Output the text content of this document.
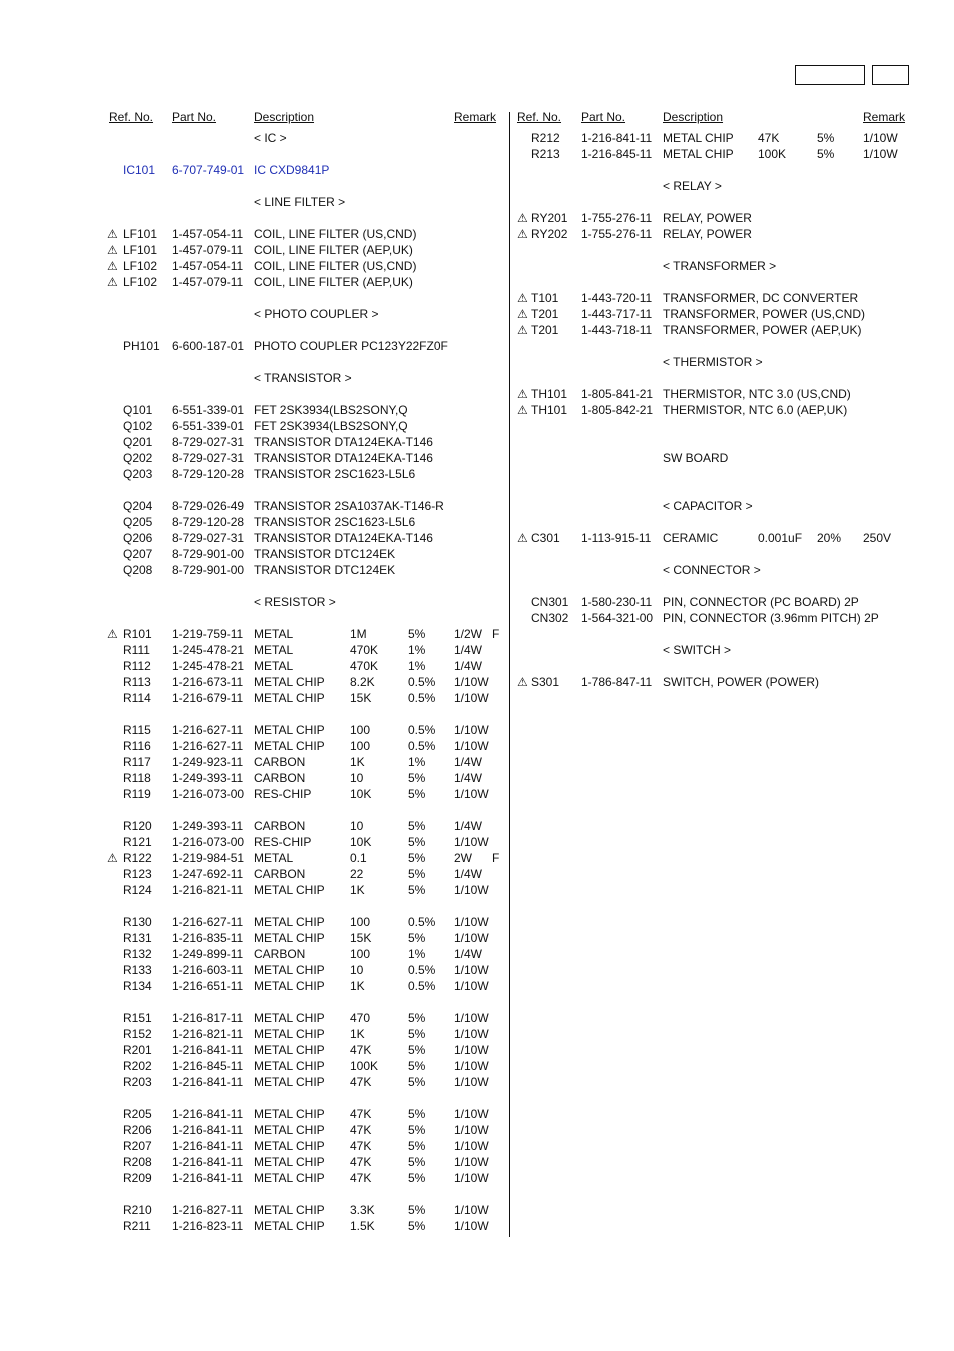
Ref. No. Part No.	Description	Remark
< IC >
IC101 6-707-749-01 IC CXD9841P
< LINE FILTER >
⚠ LF101 1-457-054-11 COIL, LINE FILTER (US,CND)
⚠ LF101 1-457-079-11 COIL, LINE FILTER (AEP,UK)
⚠ LF102 1-457-054-11 COIL, LINE FILTER (US,CND)
⚠ LF102 1-457-079-11 COIL, LINE FILTER (AEP,UK)
< PHOTO COUPLER >
PH101 6-600-187-01 PHOTO COUPLER PC123Y22FZ0F
< TRANSISTOR >
Q101 6-551-339-01 FET 2SK3934(LBS2SONY,Q
Q102 6-551-339-01 FET 2SK3934(LBS2SONY,Q
Q201 8-729-027-31 TRANSISTOR DTA124EKA-T146
Q202 8-729-027-31 TRANSISTOR DTA124EKA-T146
Q203 8-729-120-28 TRANSISTOR 2SC1623-L5L6
Q204 8-729-026-49 TRANSISTOR 2SA1037AK-T146-R
Q205 8-729-120-28 TRANSISTOR 2SC1623-L5L6
Q206 8-729-027-31 TRANSISTOR DTA124EKA-T146
Q207 8-729-901-00 TRANSISTOR DTC124EK
Q208 8-729-901-00 TRANSISTOR DTC124EK
< RESISTOR >
⚠ R101 1-219-759-11 METAL	1M	5% 1/2W F
R111 1-245-478-21 METAL	470K 1% 1/4W
R112 1-245-478-21 METAL	470K 1% 1/4W
R113 1-216-673-11 METAL CHIP 8.2K	0.5% 1/10W
R114 1-216-679-11 METAL CHIP 15K	0.5% 1/10W
R115 1-216-627-11 METAL CHIP 100	0.5% 1/10W
R116 1-216-627-11 METAL CHIP 100	0.5% 1/10W
R117 1-249-923-11 CARBON	1K	1% 1/4W
R118 1-249-393-11 CARBON	10	5% 1/4W
R119 1-216-073-00 RES-CHIP	10K	5% 1/10W
R120 1-249-393-11 CARBON	10	5% 1/4W
R121 1-216-073-00 RES-CHIP	10K	5% 1/10W
⚠ R122 1-219-984-51 METAL	0.1	5% 2W F
R123 1-247-692-11 CARBON	22	5% 1/4W
R124 1-216-821-11 METAL CHIP 1K	5% 1/10W
R130 1-216-627-11 METAL CHIP 100	0.5% 1/10W
R131 1-216-835-11 METAL CHIP 15K	5% 1/10W
R132 1-249-899-11 CARBON	100	1% 1/4W
R133 1-216-603-11 METAL CHIP 10	0.5% 1/10W
R134 1-216-651-11 METAL CHIP 1K	0.5% 1/10W
R151 1-216-817-11 METAL CHIP 470	5% 1/10W
R152 1-216-821-11 METAL CHIP 1K	5% 1/10W
R201 1-216-841-11 METAL CHIP 47K	5% 1/10W
R202 1-216-845-11 METAL CHIP 100K 5% 1/10W
R203 1-216-841-11 METAL CHIP 47K	5% 1/10W
R205 1-216-841-11 METAL CHIP 47K	5% 1/10W
R206 1-216-841-11 METAL CHIP 47K	5% 1/10W
R207 1-216-841-11 METAL CHIP 47K	5% 1/10W
R208 1-216-841-11 METAL CHIP 47K	5% 1/10W
R209 1-216-841-11 METAL CHIP 47K	5% 1/10W
R210 1-216-827-11 METAL CHIP 3.3K	5% 1/10W
R211 1-216-823-11 METAL CHIP 1.5K	5% 1/10W
Ref. No. Part No.	Description	Remark
R212 1-216-841-11 METAL CHIP 47K	5% 1/10W
R213 1-216-845-11 METAL CHIP 100K	5% 1/10W
< RELAY >
⚠ RY201 1-755-276-11 RELAY, POWER
⚠ RY202 1-755-276-11 RELAY, POWER
< TRANSFORMER >
⚠ T101 1-443-720-11 TRANSFORMER, DC CONVERTER
⚠ T201 1-443-717-11 TRANSFORMER, POWER (US,CND)
⚠ T201 1-443-718-11 TRANSFORMER, POWER (AEP,UK)
< THERMISTOR >
⚠ TH101 1-805-841-21 THERMISTOR, NTC 3.0 (US,CND)
⚠ TH101 1-805-842-21 THERMISTOR, NTC 6.0 (AEP,UK)
SW BOARD
< CAPACITOR >
⚠ C301 1-113-915-11 CERAMIC	0.001uF 20% 250V
< CONNECTOR >
CN301 1-580-230-11 PIN, CONNECTOR (PC BOARD) 2P
CN302 1-564-321-00 PIN, CONNECTOR (3.96mm PITCH) 2P
< SWITCH >
⚠ S301 1-786-847-11 SWITCH, POWER (POWER)
